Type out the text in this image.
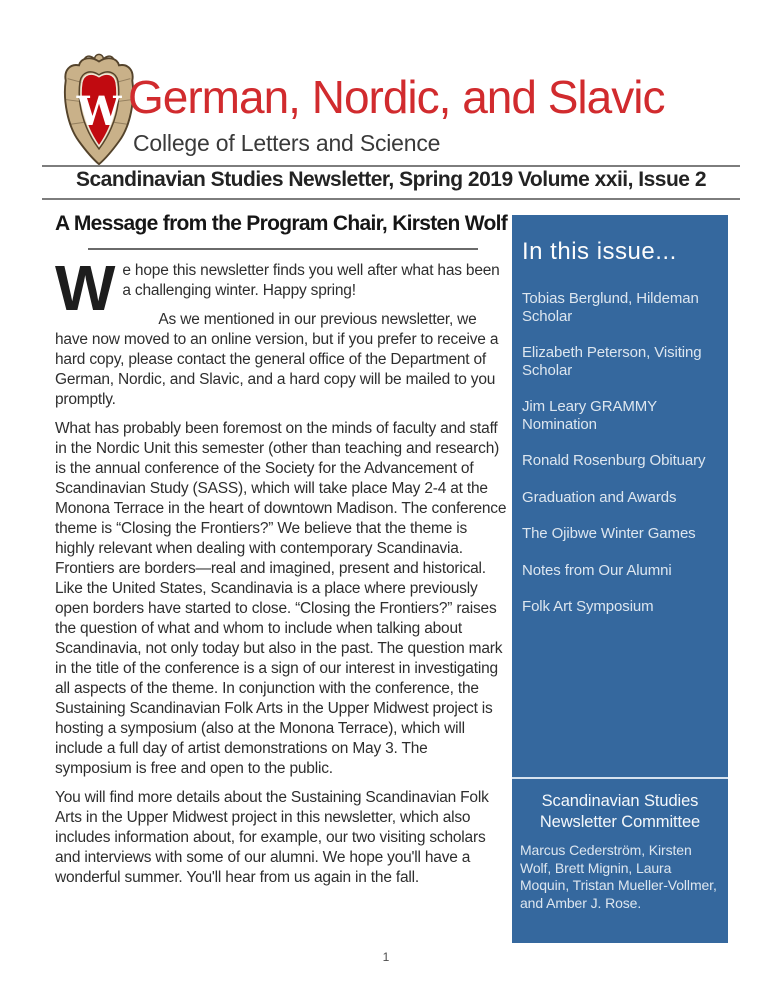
W German, Nordic, and Slavic
College of Letters and Science
Scandinavian Studies Newsletter, Spring 2019 Volume xxii, Issue 2
A Message from the Program Chair, Kirsten Wolf
W e hope this newsletter finds you well after what has been a challenging winter. Happy spring!

As we mentioned in our previous newsletter, we have now moved to an online version, but if you prefer to receive a hard copy, please contact the general office of the Department of German, Nordic, and Slavic, and a hard copy will be mailed to you promptly.

What has probably been foremost on the minds of faculty and staff in the Nordic Unit this semester (other than teaching and research) is the annual conference of the Society for the Advancement of Scandinavian Study (SASS), which will take place May 2-4 at the Monona Terrace in the heart of downtown Madison. The conference theme is “Closing the Frontiers?” We believe that the theme is highly relevant when dealing with contemporary Scandinavia. Frontiers are borders—real and imagined, present and historical. Like the United States, Scandinavia is a place where previously open borders have started to close. “Closing the Frontiers?” raises the question of what and whom to include when talking about Scandinavia, not only today but also in the past. The question mark in the title of the conference is a sign of our interest in investigating all aspects of the theme. In conjunction with the conference, the Sustaining Scandinavian Folk Arts in the Upper Midwest project is hosting a symposium (also at the Monona Terrace), which will include a full day of artist demonstrations on May 3. The symposium is free and open to the public.

You will find more details about the Sustaining Scandinavian Folk Arts in the Upper Midwest project in this newsletter, which also includes information about, for example, our two visiting scholars and interviews with some of our alumni. We hope you'll have a wonderful summer. You'll hear from us again in the fall.

In this issue...
Tobias Berglund, Hildeman Scholar
Elizabeth Peterson, Visiting Scholar
Jim Leary GRAMMY Nomination
Ronald Rosenburg Obituary
Graduation and Awards
The Ojibwe Winter Games
Notes from Our Alumni
Folk Art Symposium
Scandinavian Studies Newsletter Committee
Marcus Cederström, Kirsten Wolf, Brett Mignin, Laura Moquin, Tristan Mueller-Vollmer, and Amber J. Rose.
1
